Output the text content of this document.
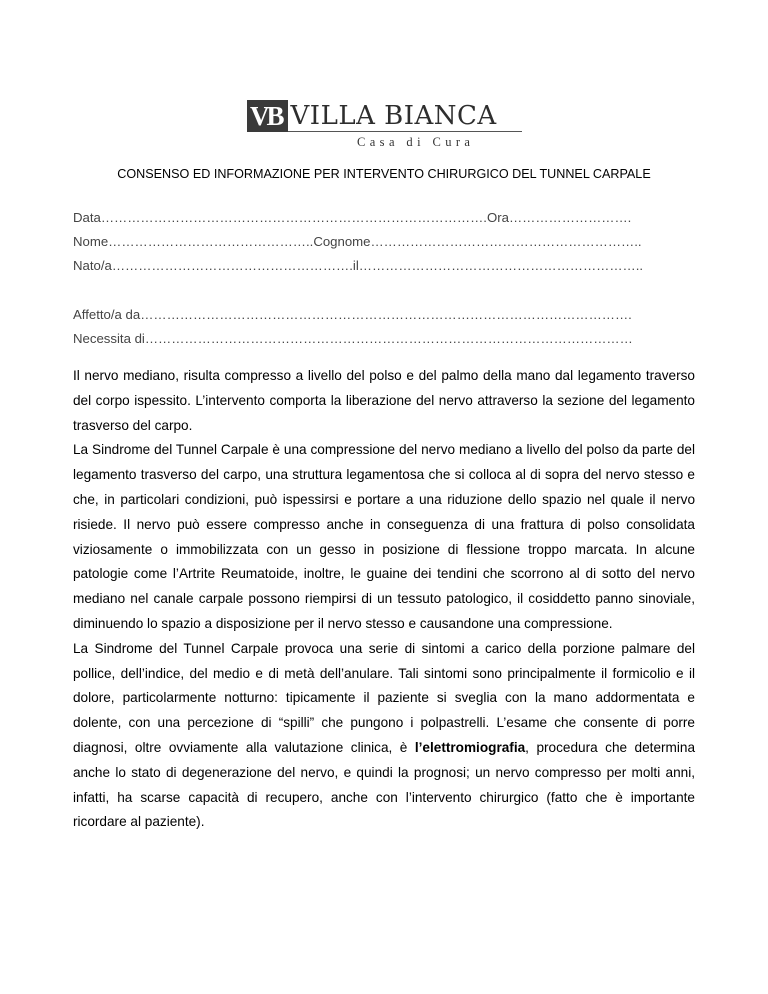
VB VILLA BIANCA
Casa di Cura
CONSENSO ED INFORMAZIONE PER INTERVENTO CHIRURGICO DEL TUNNEL CARPALE
Data…………………………………………………………………………….Ora……………………….
Nome………………………………………..Cognome……………………………………………………..
Nato/a……………………………………………….il………………………………………………………..
Affetto/a da………………………………………………………………………………………………….
Necessita di…………………………………………………………………………………………………

Il nervo mediano, risulta compresso a livello del polso e del palmo della mano dal legamento traverso del corpo ispessito. L’intervento comporta la liberazione del nervo attraverso la sezione del legamento trasverso del carpo.

La Sindrome del Tunnel Carpale è una compressione del nervo mediano a livello del polso da parte del legamento trasverso del carpo, una struttura legamentosa che si colloca al di sopra del nervo stesso e che, in particolari condizioni, può ispessirsi e portare a una riduzione dello spazio nel quale il nervo risiede. Il nervo può essere compresso anche in conseguenza di una frattura di polso consolidata viziosamente o immobilizzata con un gesso in posizione di flessione troppo marcata. In alcune patologie come l’Artrite Reumatoide, inoltre, le guaine dei tendini che scorrono al di sotto del nervo mediano nel canale carpale possono riempirsi di un tessuto patologico, il cosiddetto panno sinoviale, diminuendo lo spazio a disposizione per il nervo stesso e causandone una compressione.

La Sindrome del Tunnel Carpale provoca una serie di sintomi a carico della porzione palmare del pollice, dell’indice, del medio e di metà dell’anulare. Tali sintomi sono principalmente il formicolio e il dolore, particolarmente notturno: tipicamente il paziente si sveglia con la mano addormentata e dolente, con una percezione di “spilli” che pungono i polpastrelli. L’esame che consente di porre diagnosi, oltre ovviamente alla valutazione clinica, è l’elettromiografia, procedura che determina anche lo stato di degenerazione del nervo, e quindi la prognosi; un nervo compresso per molti anni, infatti, ha scarse capacità di recupero, anche con l’intervento chirurgico (fatto che è importante ricordare al paziente).
